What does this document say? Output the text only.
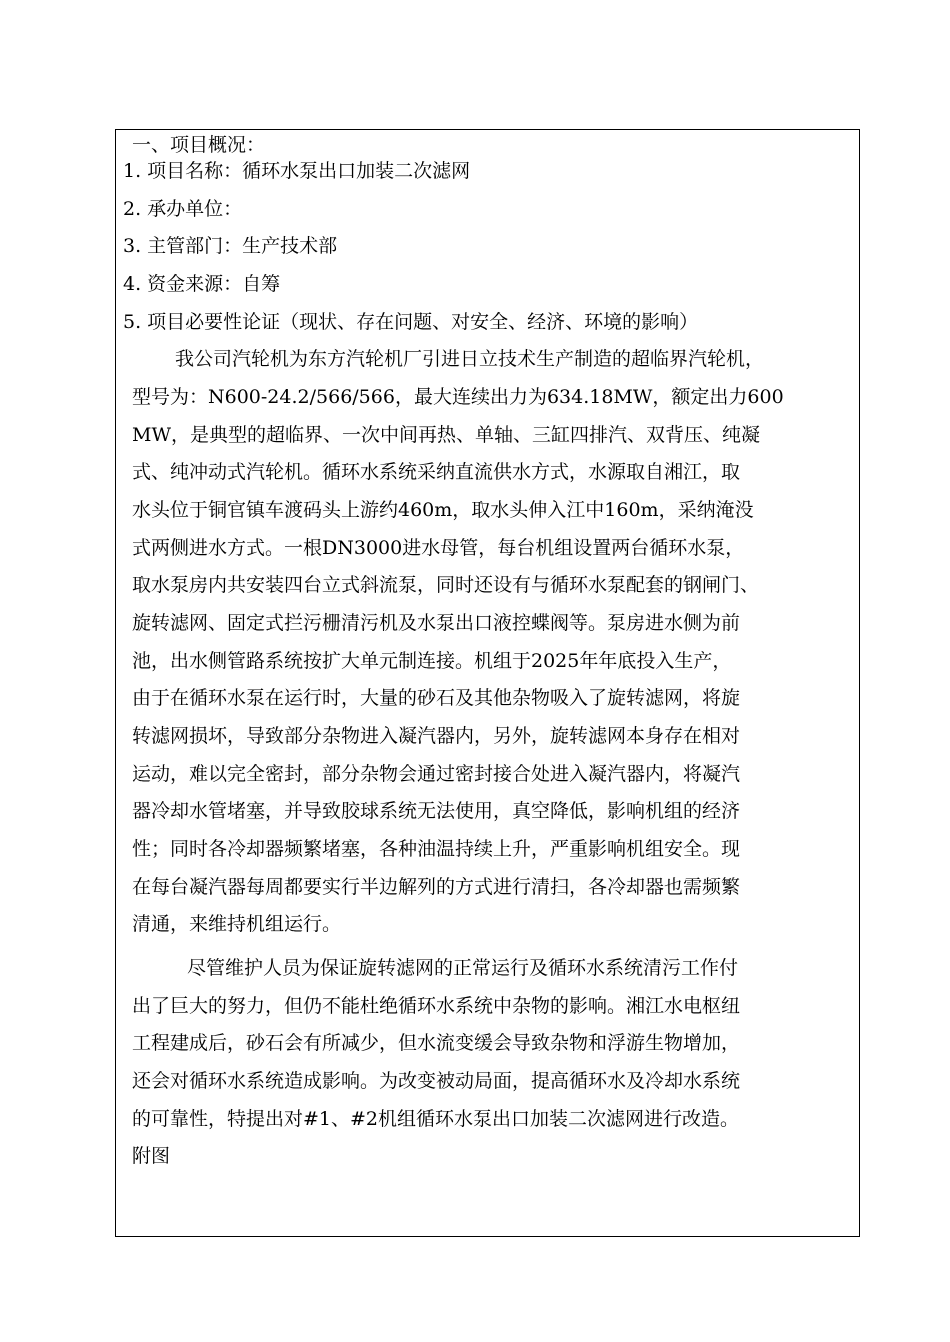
一、项目概况：
1. 项目名称：循环水泵出口加装二次滤网
2. 承办单位：
3. 主管部门：生产技术部
4. 资金来源：自筹
5. 项目必要性论证（现状、存在问题、对安全、经济、环境的影响）
我公司汽轮机为东方汽轮机厂引进日立技术生产制造的超临界汽轮机，
型号为：N600-24.2/566/566，最大连续出力为634.18MW，额定出力600
MW，是典型的超临界、一次中间再热、单轴、三缸四排汽、双背压、纯凝
式、纯冲动式汽轮机。循环水系统采纳直流供水方式，水源取自湘江，取
水头位于铜官镇车渡码头上游约460m，取水头伸入江中160m，采纳淹没
式两侧进水方式。一根DN3000进水母管，每台机组设置两台循环水泵，
取水泵房内共安装四台立式斜流泵，同时还设有与循环水泵配套的钢闸门、
旋转滤网、固定式拦污栅清污机及水泵出口液控蝶阀等。泵房进水侧为前
池，出水侧管路系统按扩大单元制连接。机组于2025年年底投入生产，
由于在循环水泵在运行时，大量的砂石及其他杂物吸入了旋转滤网，将旋
转滤网损坏，导致部分杂物进入凝汽器内，另外，旋转滤网本身存在相对
运动，难以完全密封，部分杂物会通过密封接合处进入凝汽器内，将凝汽
器冷却水管堵塞，并导致胶球系统无法使用，真空降低，影响机组的经济
性；同时各冷却器频繁堵塞，各种油温持续上升，严重影响机组安全。现
在每台凝汽器每周都要实行半边解列的方式进行清扫，各冷却器也需频繁
清通，来维持机组运行。
尽管维护人员为保证旋转滤网的正常运行及循环水系统清污工作付
出了巨大的努力，但仍不能杜绝循环水系统中杂物的影响。湘江水电枢纽
工程建成后，砂石会有所减少，但水流变缓会导致杂物和浮游生物增加，
还会对循环水系统造成影响。为改变被动局面，提高循环水及冷却水系统
的可靠性，特提出对#1、#2机组循环水泵出口加装二次滤网进行改造。
附图
